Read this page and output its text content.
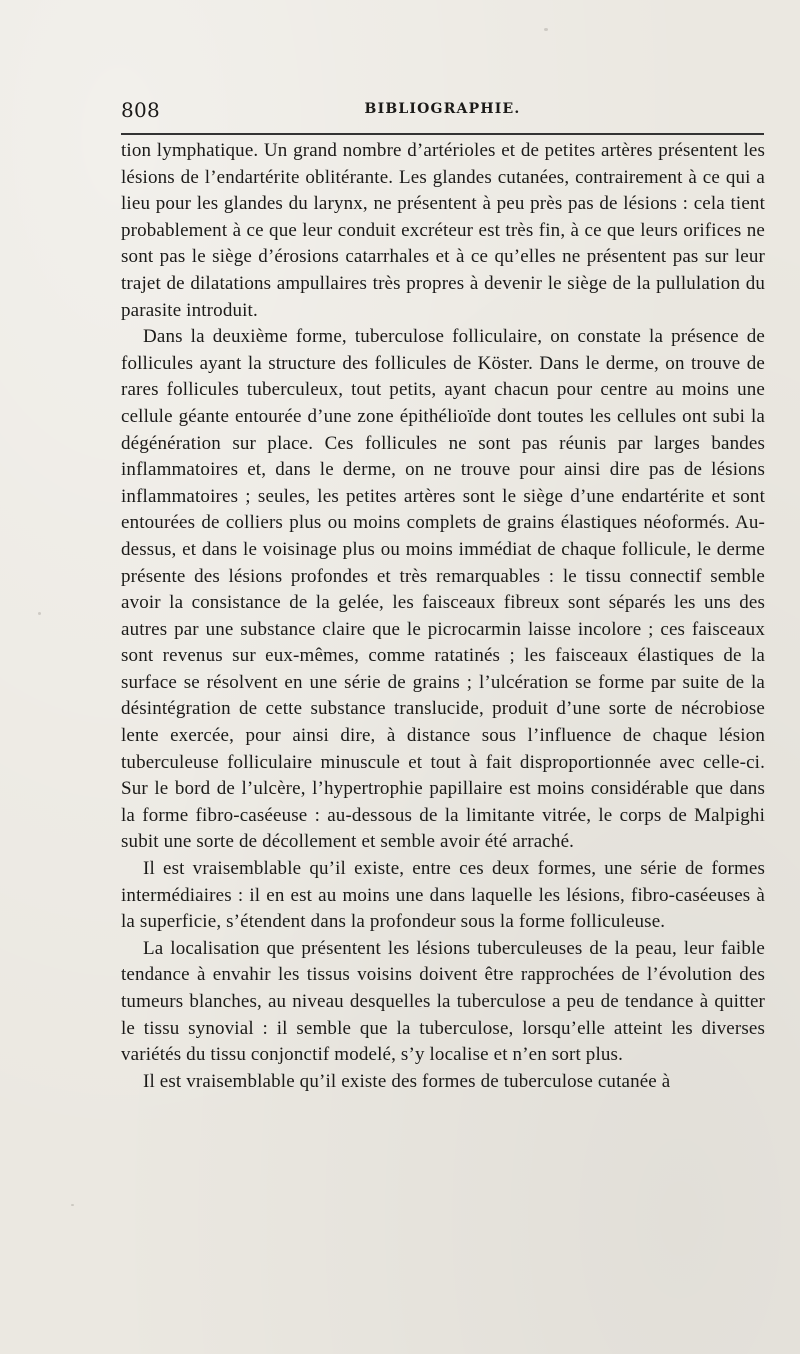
808	BIBLIOGRAPHIE.

tion lymphatique. Un grand nombre d’artérioles et de petites artères présentent les lésions de l’endartérite oblitérante. Les glandes cutanées, contrairement à ce qui a lieu pour les glandes du larynx, ne présentent à peu près pas de lésions : cela tient probablement à ce que leur conduit excréteur est très fin, à ce que leurs orifices ne sont pas le siège d’érosions catarrhales et à ce qu’elles ne présentent pas sur leur trajet de dilatations ampullaires très propres à devenir le siège de la pullulation du parasite introduit.

Dans la deuxième forme, tuberculose folliculaire, on constate la présence de follicules ayant la structure des follicules de Köster. Dans le derme, on trouve de rares follicules tuberculeux, tout petits, ayant chacun pour centre au moins une cellule géante entourée d’une zone épithélioïde dont toutes les cellules ont subi la dégénération sur place. Ces follicules ne sont pas réunis par larges bandes inflammatoires et, dans le derme, on ne trouve pour ainsi dire pas de lésions inflammatoires ; seules, les petites artères sont le siège d’une endartérite et sont entourées de colliers plus ou moins complets de grains élastiques néoformés. Au-dessus, et dans le voisinage plus ou moins immédiat de chaque follicule, le derme présente des lésions profondes et très remarquables : le tissu connectif semble avoir la consistance de la gelée, les faisceaux fibreux sont séparés les uns des autres par une substance claire que le picrocarmin laisse incolore ; ces faisceaux sont revenus sur eux-mêmes, comme ratatinés ; les faisceaux élastiques de la surface se résolvent en une série de grains ; l’ulcération se forme par suite de la désintégration de cette substance translucide, produit d’une sorte de nécrobiose lente exercée, pour ainsi dire, à distance sous l’influence de chaque lésion tuberculeuse folliculaire minuscule et tout à fait disproportionnée avec celle-ci. Sur le bord de l’ulcère, l’hypertrophie papillaire est moins considérable que dans la forme fibro-caséeuse : au-dessous de la limitante vitrée, le corps de Malpighi subit une sorte de décollement et semble avoir été arraché.

Il est vraisemblable qu’il existe, entre ces deux formes, une série de formes intermédiaires : il en est au moins une dans laquelle les lésions, fibro-caséeuses à la superficie, s’étendent dans la profondeur sous la forme folliculeuse.

La localisation que présentent les lésions tuberculeuses de la peau, leur faible tendance à envahir les tissus voisins doivent être rapprochées de l’évolution des tumeurs blanches, au niveau desquelles la tuberculose a peu de tendance à quitter le tissu synovial : il semble que la tuberculose, lorsqu’elle atteint les diverses variétés du tissu conjonctif modelé, s’y localise et n’en sort plus.

Il est vraisemblable qu’il existe des formes de tuberculose cutanée à
